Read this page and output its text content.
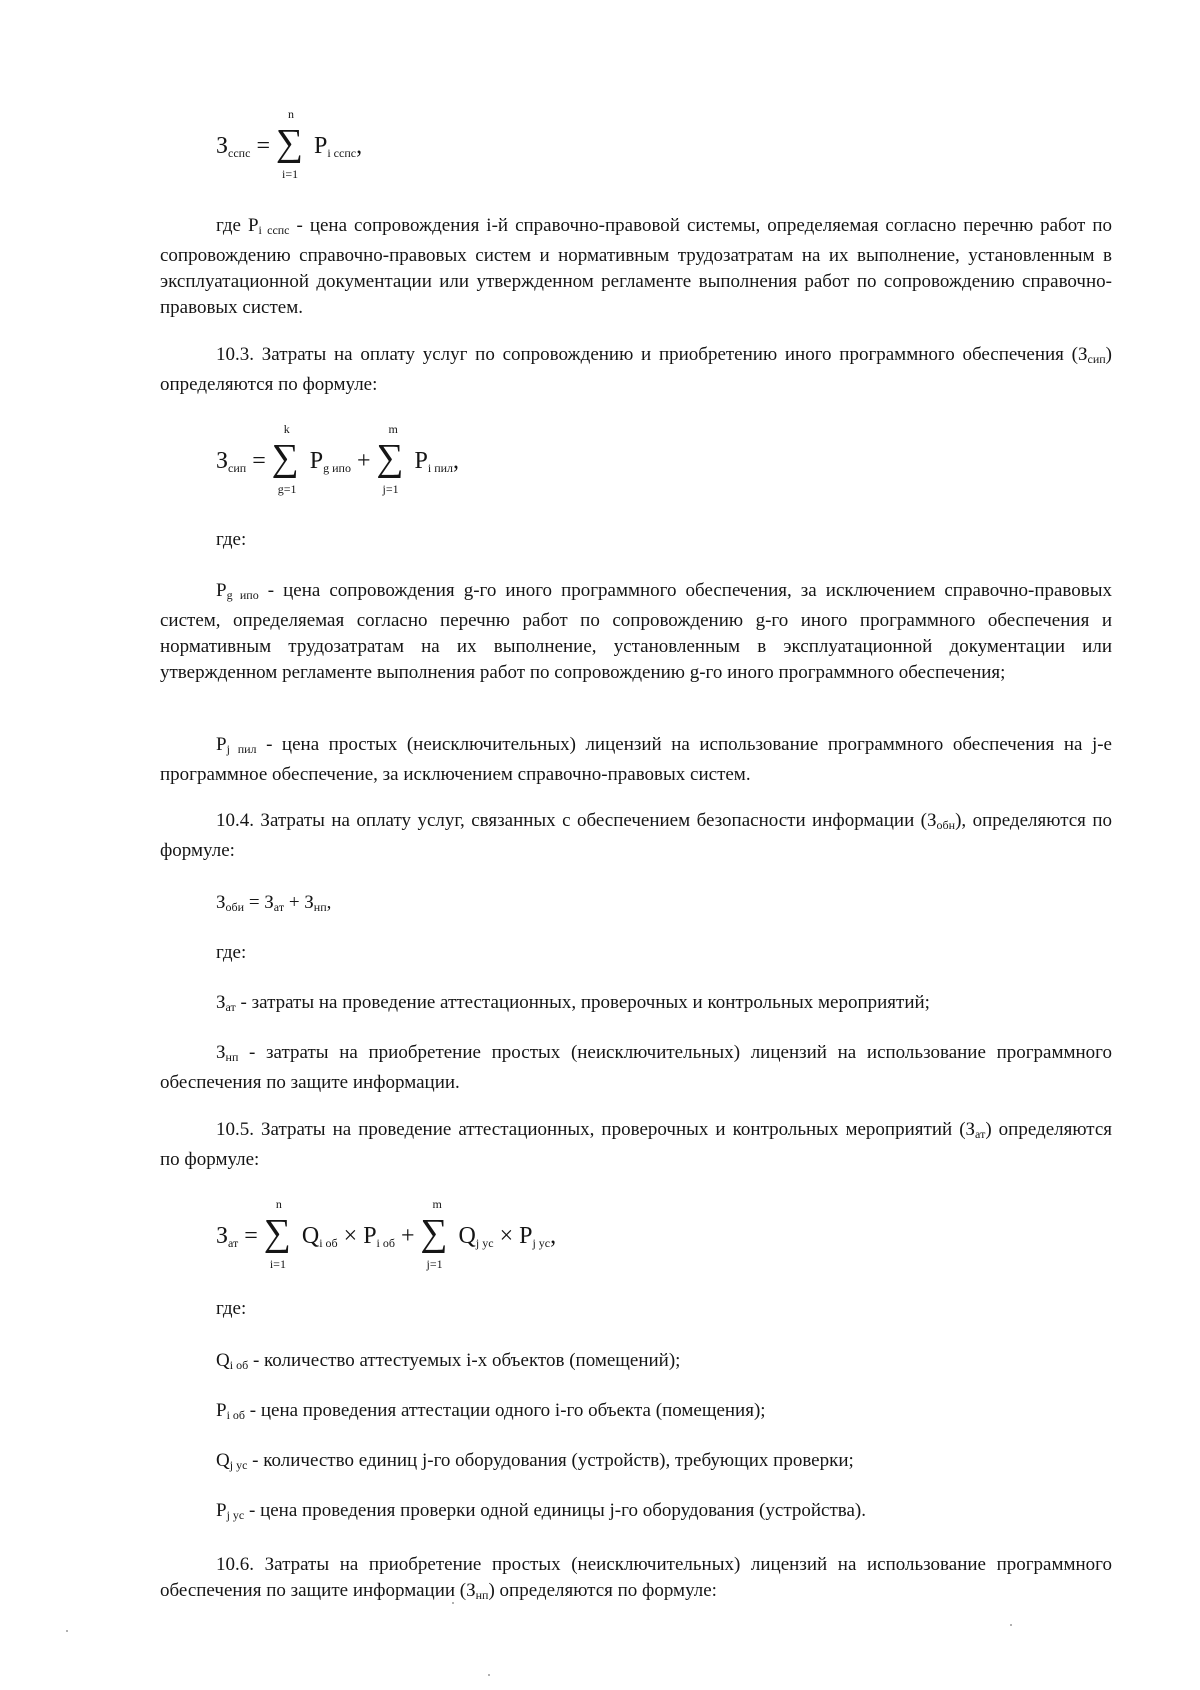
$З_{сспс}$ = ∑
n
i=1
$P_{i сспс}$,
где $P_{i сспс}$ - цена сопровождения i-й справочно-правовой системы, определяемая согласно перечню работ по сопровождению справочно-правовых систем и нормативным трудозатратам на их выполнение, установленным в эксплуатационной документации или утвержденном регламенте выполнения работ по сопровождению справочно-правовых систем.
10.3. Затраты на оплату услуг по сопровождению и приобретению иного программного обеспечения $(З_{сип})$ определяются по формуле:
$З_{сип}$ = ∑
k
g=1
$P_{g ипо}$ + ∑
m
j=1
$P_{i пил}$,
где:
$P_{g ипо}$ - цена сопровождения g-го иного программного обеспечения, за исключением справочно-правовых систем, определяемая согласно перечню работ по сопровождению g-го иного программного обеспечения и нормативным трудозатратам на их выполнение, установленным в эксплуатационной документации или утвержденном регламенте выполнения работ по сопровождению g-го иного программного обеспечения;
$P_{j пил}$ - цена простых (неисключительных) лицензий на использование программного обеспечения на j-е программное обеспечение, за исключением справочно-правовых систем.
10.4. Затраты на оплату услуг, связанных с обеспечением безопасности информации $(З_{обн})$, определяются по формуле:
$З_{оби} = З_{ат} + З_{нп}$,
где:
$З_{ат}$ - затраты на проведение аттестационных, проверочных и контрольных мероприятий;
$З_{нп}$ - затраты на приобретение простых (неисключительных) лицензий на использование программного обеспечения по защите информации.
10.5. Затраты на проведение аттестационных, проверочных и контрольных мероприятий $(З_{ат})$ определяются по формуле:
$З_{ат}$ = ∑
n
i=1
$Q_{i об} \times P_{i об}$ + ∑
m
j=1
$Q_{j ус} \times P_{j ус}$,
где:
$Q_{i об}$ - количество аттестуемых i-х объектов (помещений);
$P_{i об}$ - цена проведения аттестации одного i-го объекта (помещения);
$Q_{j ус}$ - количество единиц j-го оборудования (устройств), требующих проверки;
$P_{j ус}$ - цена проведения проверки одной единицы j-го оборудования (устройства).
10.6. Затраты на приобретение простых (неисключительных) лицензий на использование программного обеспечения по защите информации $(З_{нп})$ определяются по формуле:
